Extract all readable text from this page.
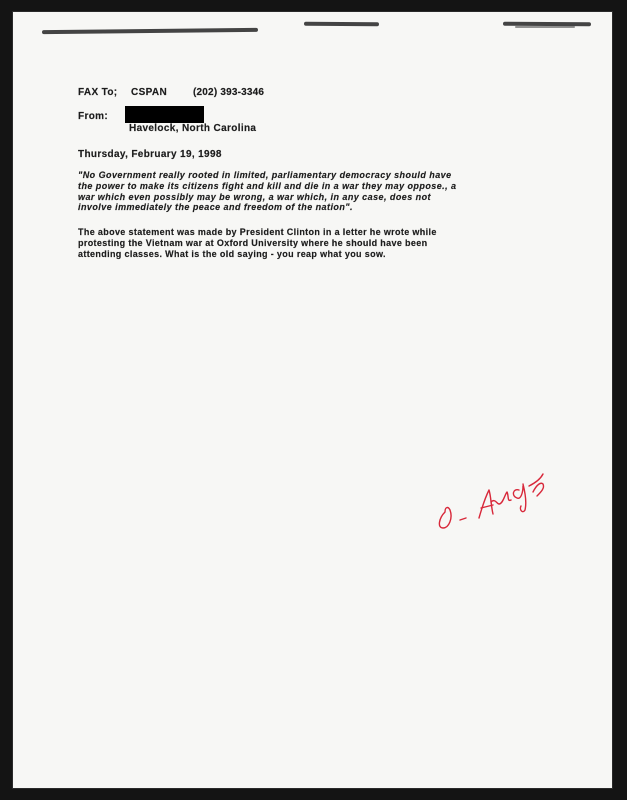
FAX To; CSPAN	(202) 393-3346
From:
Havelock, North Carolina
Thursday, February 19, 1998
"No Government really rooted in limited, parliamentary democracy should have
the power to make its citizens fight and kill and die in a war they may oppose., a
war which even possibly may be wrong, a war which, in any case, does not
involve immediately the peace and freedom of the nation".
The above statement was made by President Clinton in a letter he wrote while
protesting the Vietnam war at Oxford University where he should have been
attending classes. What is the old saying - you reap what you sow.
